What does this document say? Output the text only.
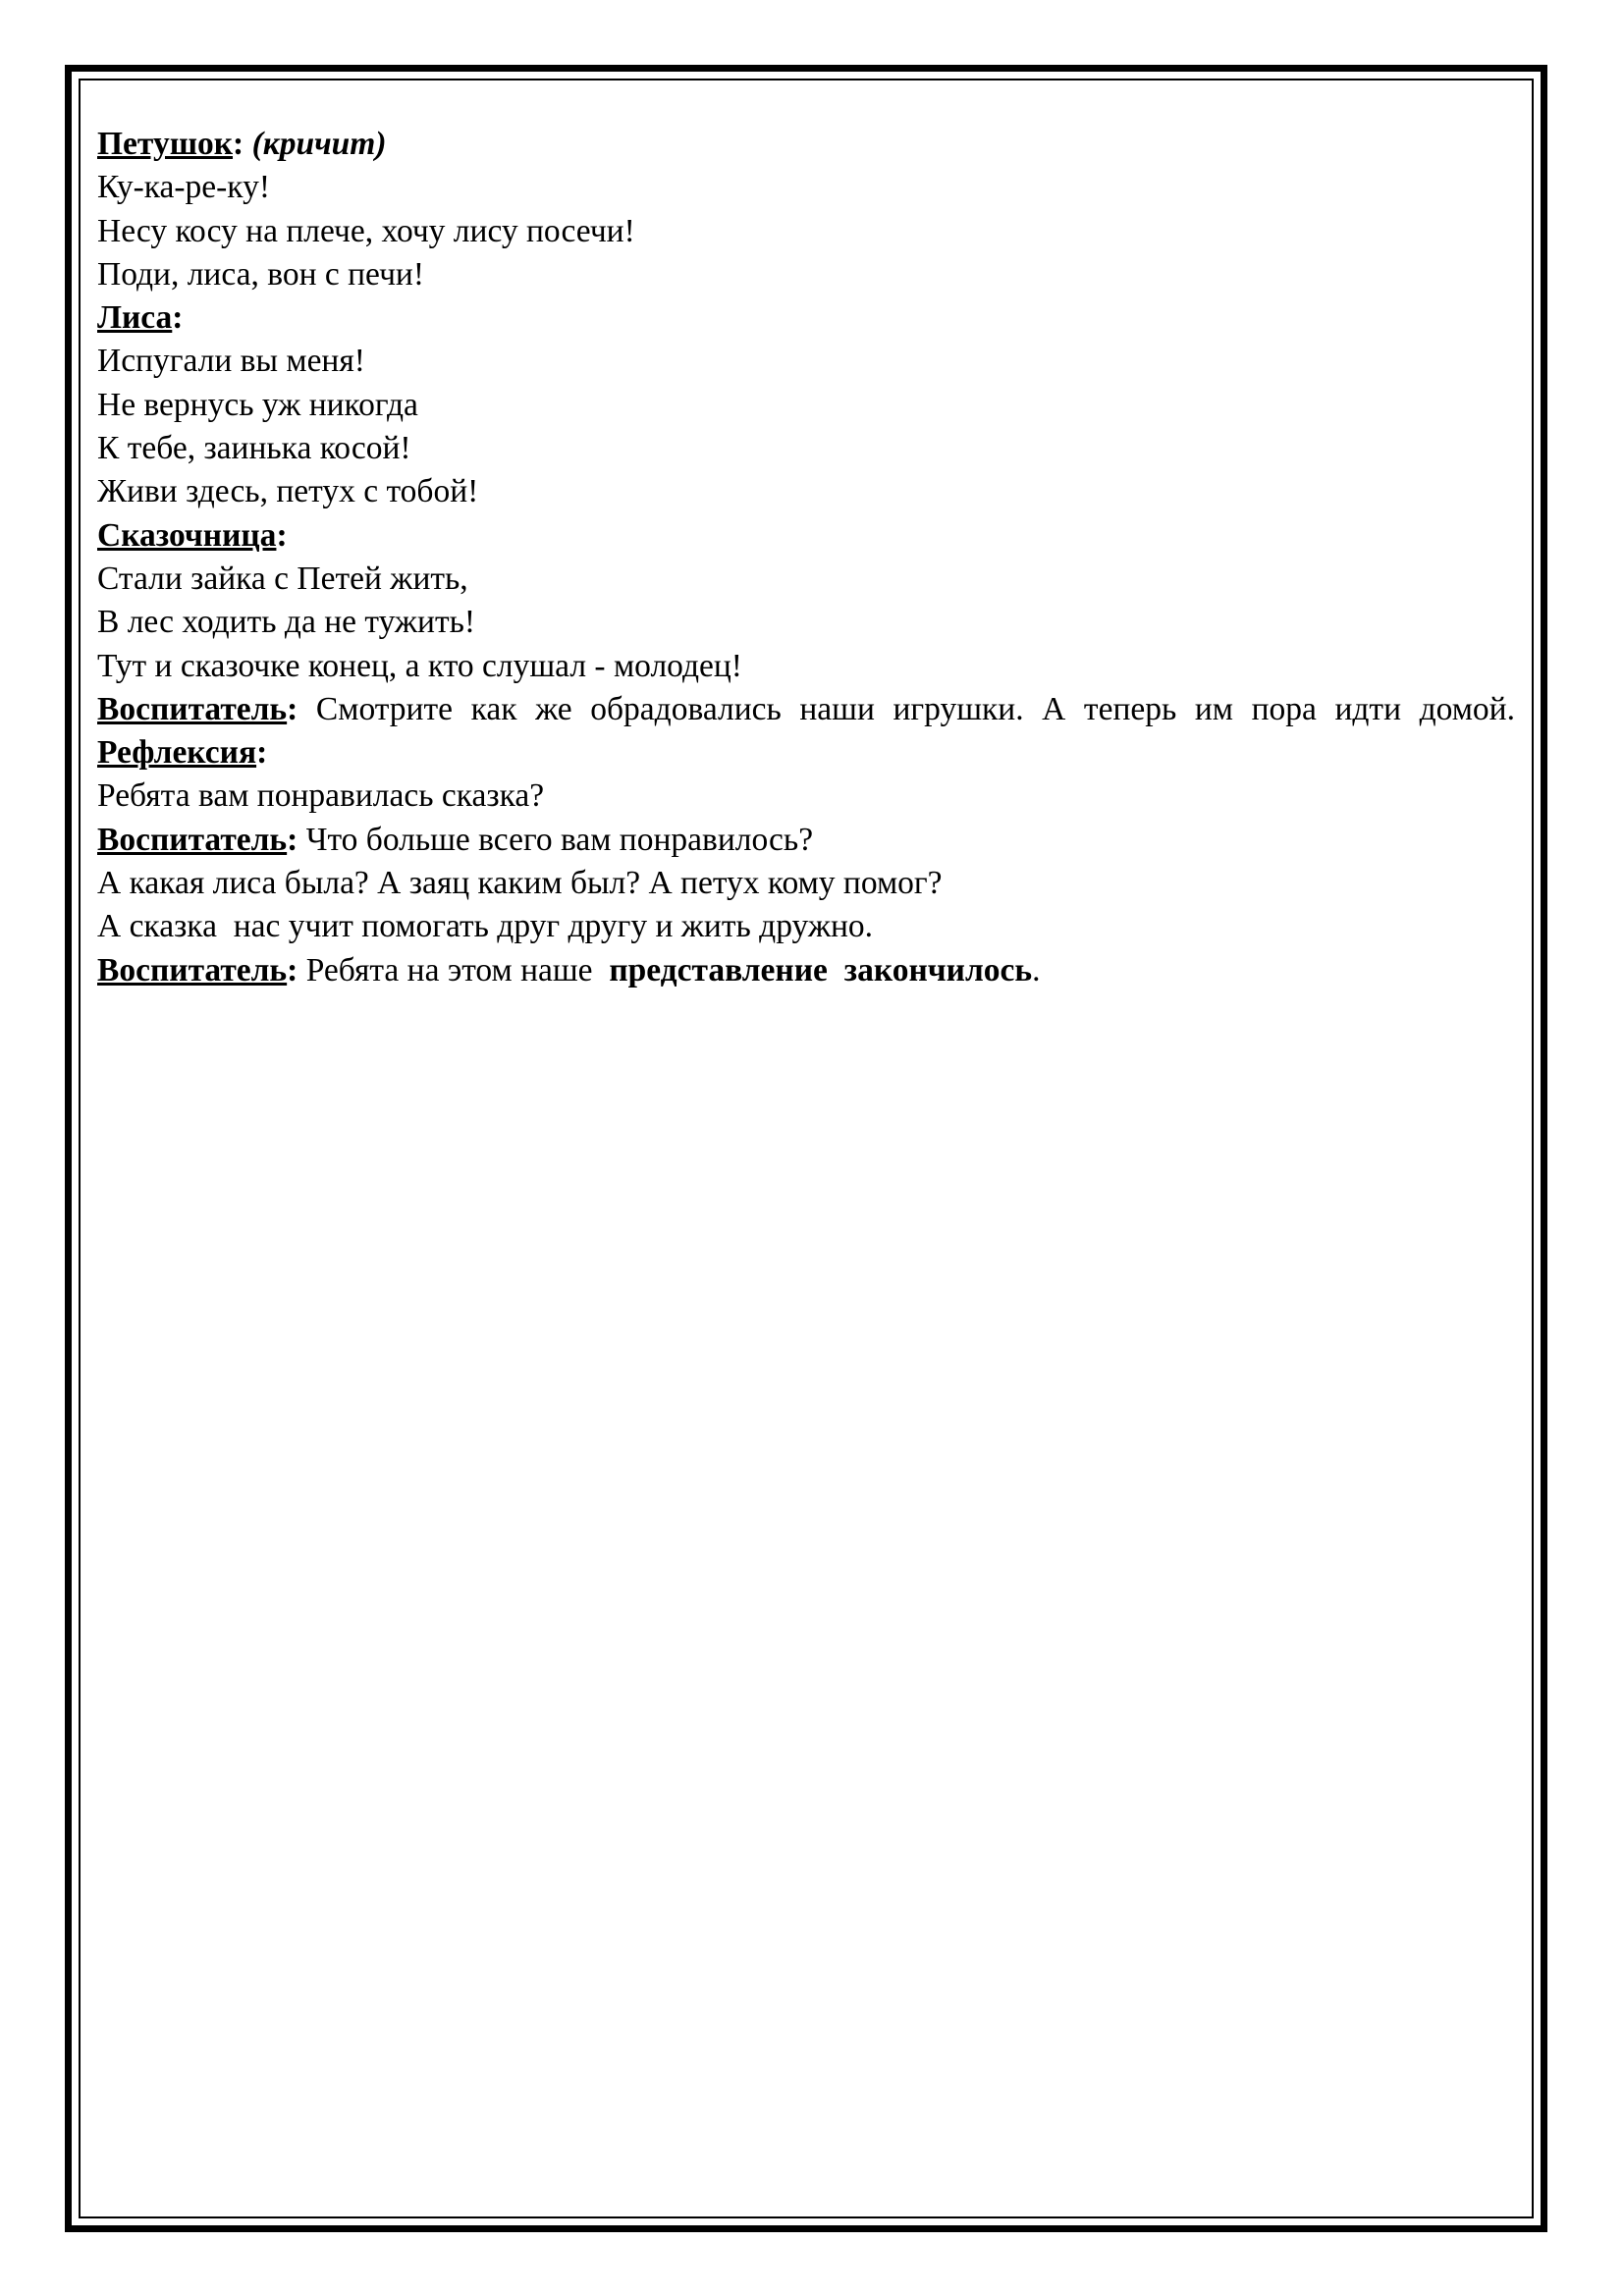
Петушок: (кричит)

Ку-ка-ре-ку!

Несу косу на плече, хочу лису посечи!

Поди, лиса, вон с печи!

Лиса:

Испугали вы меня!

Не вернусь уж никогда

К тебе, заинька косой!

Живи здесь, петух с тобой!

Сказочница:

Стали зайка с Петей жить,

В лес ходить да не тужить!

Тут и сказочке конец, а кто слушал - молодец!

Воспитатель: Смотрите как же обрадовались наши игрушки. А теперь им пора идти домой. Рефлексия:

Ребята вам понравилась сказка?

Воспитатель: Что больше всего вам понравилось?

А какая лиса была? А заяц каким был? А петух кому помог?

А сказка  нас учит помогать друг другу и жить дружно.

Воспитатель: Ребята на этом наше  представление  закончилось.
